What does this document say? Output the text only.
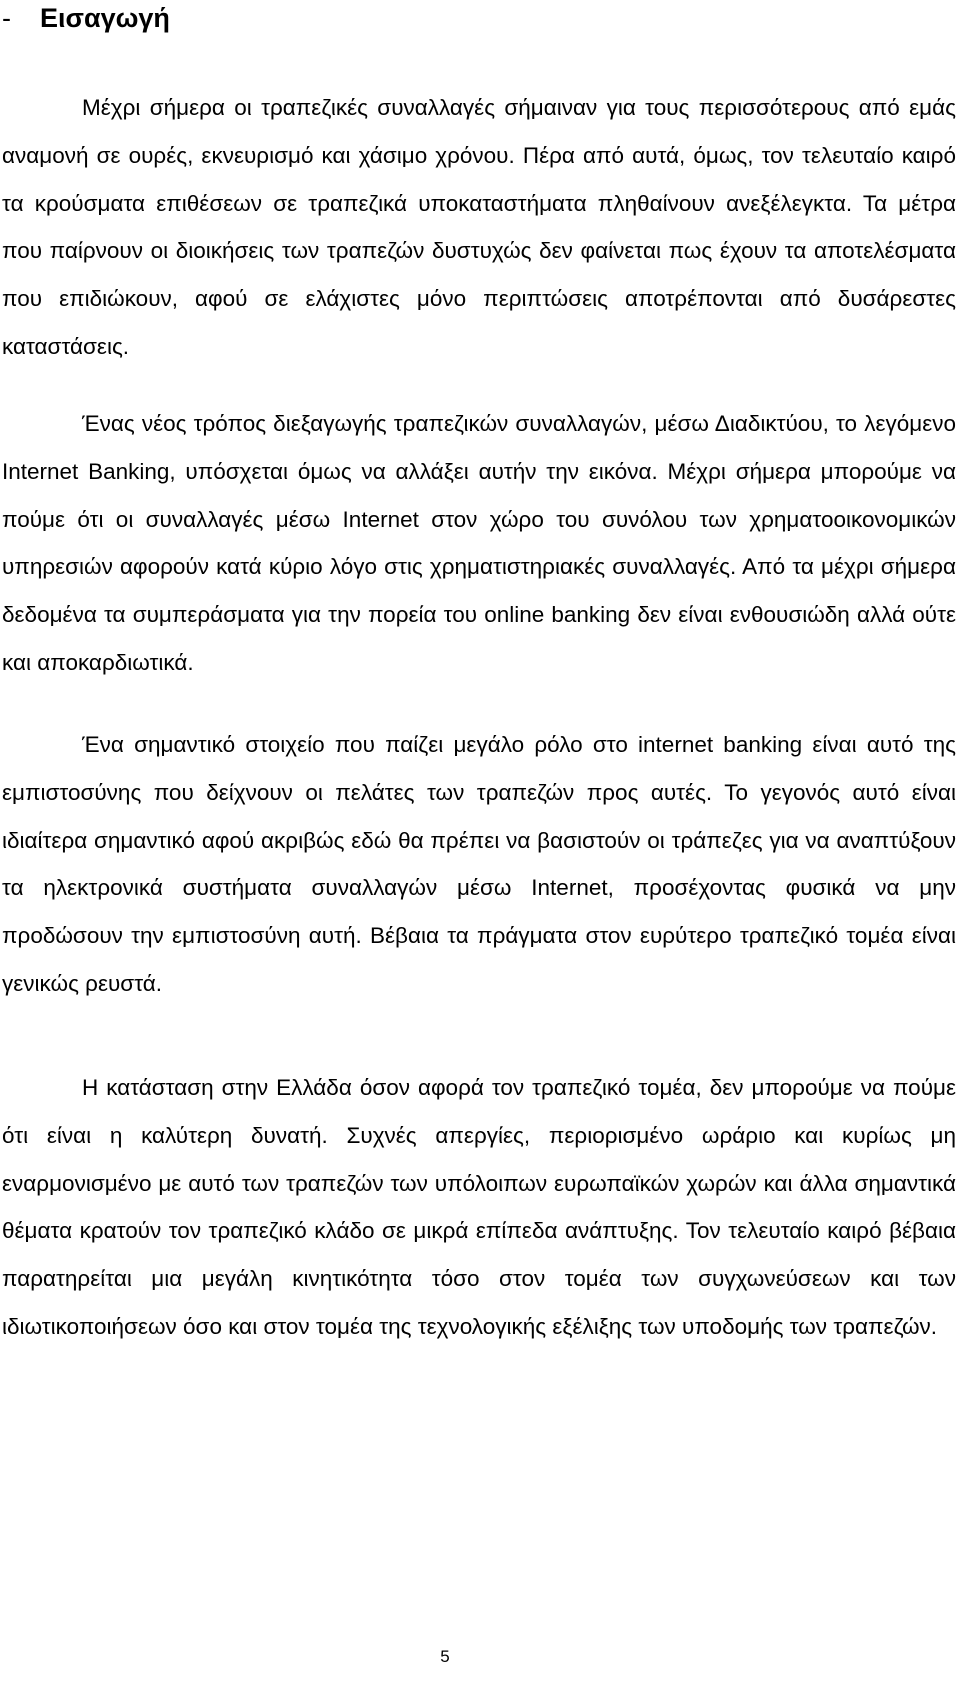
- Εισαγωγή

Μέχρι σήμερα οι τραπεζικές συναλλαγές σήμαιναν για τους περισσότερους από εμάς αναμονή σε ουρές, εκνευρισμό και χάσιμο χρόνου. Πέρα από αυτά, όμως, τον τελευταίο καιρό τα κρούσματα επιθέσεων σε τραπεζικά υποκαταστήματα πληθαίνουν ανεξέλεγκτα. Τα μέτρα που παίρνουν οι διοικήσεις των τραπεζών δυστυχώς δεν φαίνεται πως έχουν τα αποτελέσματα που επιδιώκουν, αφού σε ελάχιστες μόνο περιπτώσεις αποτρέπονται από δυσάρεστες καταστάσεις.

Ένας νέος τρόπος διεξαγωγής τραπεζικών συναλλαγών, μέσω Διαδικτύου, το λεγόμενο Internet Banking, υπόσχεται όμως να αλλάξει αυτήν την εικόνα. Μέχρι σήμερα μπορούμε να πούμε ότι οι συναλλαγές μέσω Internet στον χώρο του συνόλου των χρηματοοικονομικών υπηρεσιών αφορούν κατά κύριο λόγο στις χρηματιστηριακές συναλλαγές. Από τα μέχρι σήμερα δεδομένα τα συμπεράσματα για την πορεία του online banking δεν είναι ενθουσιώδη αλλά ούτε και αποκαρδιωτικά.

Ένα σημαντικό στοιχείο που παίζει μεγάλο ρόλο στο internet banking είναι αυτό της εμπιστοσύνης που δείχνουν οι πελάτες των τραπεζών προς αυτές. Το γεγονός αυτό είναι ιδιαίτερα σημαντικό αφού ακριβώς εδώ θα πρέπει να βασιστούν οι τράπεζες για να αναπτύξουν τα ηλεκτρονικά συστήματα συναλλαγών μέσω Internet, προσέχοντας φυσικά να μην προδώσουν την εμπιστοσύνη αυτή. Βέβαια τα πράγματα στον ευρύτερο τραπεζικό τομέα είναι γενικώς ρευστά.

Η κατάσταση στην Ελλάδα όσον αφορά τον τραπεζικό τομέα, δεν μπορούμε να πούμε ότι είναι η καλύτερη δυνατή. Συχνές απεργίες, περιορισμένο ωράριο και κυρίως μη εναρμονισμένο με αυτό των τραπεζών των υπόλοιπων ευρωπαϊκών χωρών και άλλα σημαντικά θέματα κρατούν τον τραπεζικό κλάδο σε μικρά επίπεδα ανάπτυξης. Τον τελευταίο καιρό βέβαια παρατηρείται μια μεγάλη κινητικότητα τόσο στον τομέα των συγχωνεύσεων και των ιδιωτικοποιήσεων όσο και στον τομέα της τεχνολογικής εξέλιξης των υποδομής των τραπεζών.

5
